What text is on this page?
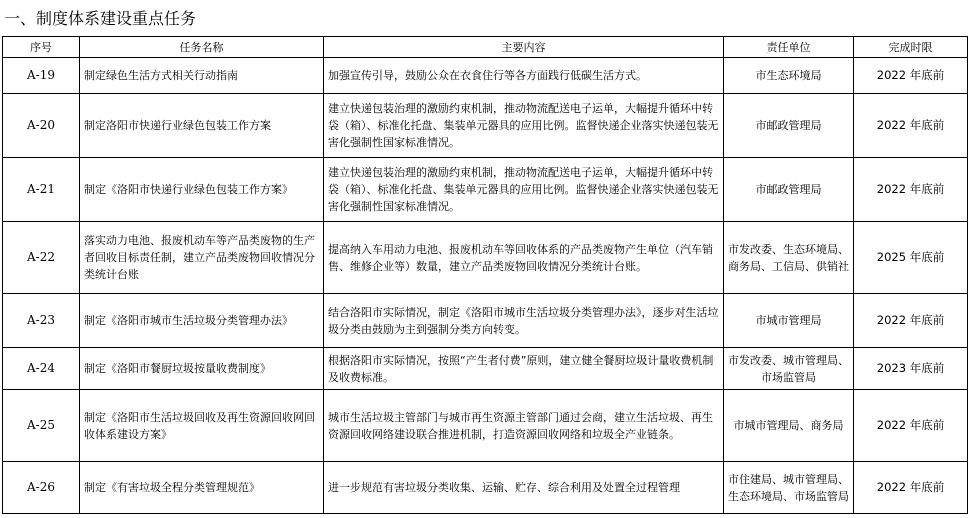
一、制度体系建设重点任务
序号	任务名称	主要内容	责任单位	完成时限
A-19	制定绿色生活方式相关行动指南	加强宣传引导，鼓励公众在衣食住行等各方面践行低碳生活方式。	市生态环境局	2022 年底前
A-20	制定洛阳市快递行业绿色包装工作方案	建立快递包装治理的激励约束机制，推动物流配送电子运单，大幅提升循环中转袋（箱）、标准化托盘、集装单元器具的应用比例。监督快递企业落实快递包装无害化强制性国家标准情况。	市邮政管理局	2022 年底前
A-21	制定《洛阳市快递行业绿色包装工作方案》	建立快递包装治理的激励约束机制，推动物流配送电子运单，大幅提升循环中转袋（箱）、标准化托盘、集装单元器具的应用比例。监督快递企业落实快递包装无害化强制性国家标准情况。	市邮政管理局	2022 年底前
A-22	落实动力电池、报废机动车等产品类废物的生产者回收目标责任制，建立产品类废物回收情况分类统计台账	提高纳入车用动力电池、报废机动车等回收体系的产品类废物产生单位（汽车销售、维修企业等）数量，建立产品类废物回收情况分类统计台账。	市发改委、生态环境局、商务局、工信局、供销社	2025 年底前
A-23	制定《洛阳市城市生活垃圾分类管理办法》	结合洛阳市实际情况，制定《洛阳市城市生活垃圾分类管理办法》，逐步对生活垃圾分类由鼓励为主到强制分类方向转变。	市城市管理局	2022 年底前
A-24	制定《洛阳市餐厨垃圾按量收费制度》	根据洛阳市实际情况，按照“产生者付费”原则，建立健全餐厨垃圾计量收费机制及收费标准。	市发改委、城市管理局、市场监管局	2023 年底前
A-25	制定《洛阳市生活垃圾回收及再生资源回收网回收体系建设方案》	城市生活垃圾主管部门与城市再生资源主管部门通过会商，建立生活垃圾、再生资源回收网络建设联合推进机制，打造资源回收网络和垃圾全产业链条。	市城市管理局、商务局	2022 年底前
A-26	制定《有害垃圾全程分类管理规范》	进一步规范有害垃圾分类收集、运输、贮存、综合利用及处置全过程管理	市住建局、城市管理局、生态环境局、市场监管局	2022 年底前
